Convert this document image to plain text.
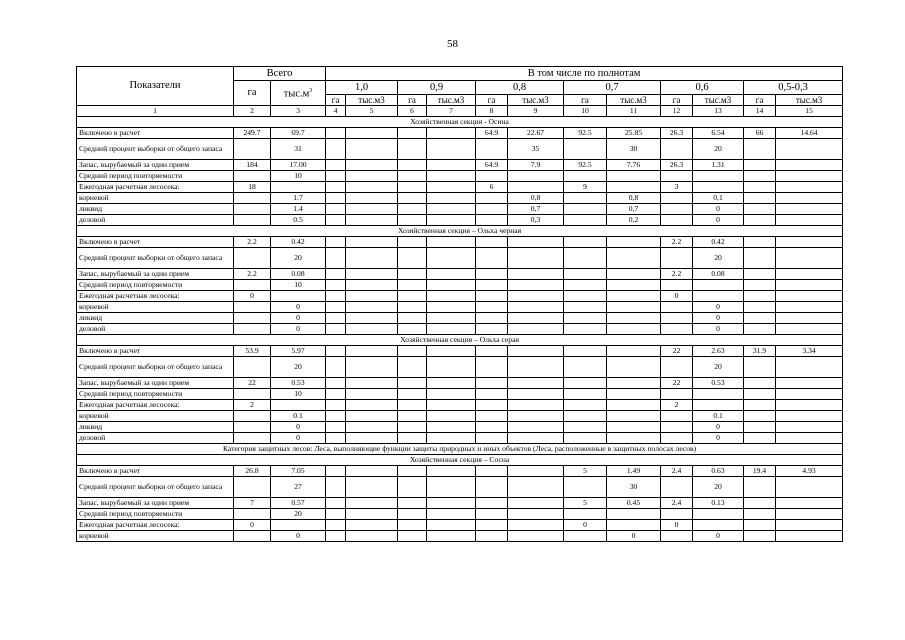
58
Показатели	Всего		В том числе по полнотам											
	га	$тыс.м^3$	1,0		0,9		0,8		0,7		0,6		0,5-0,3	
			га	тыс.м3	га	тыс.м3	га	тыс.м3	га	тыс.м3	га	тыс.м3	га	тыс.м3
1	2	3	4	5	6	7	8	9	10	11	12	13	14	15
Хозяйственная секция - Осина														
Включено в расчет	249.7	69.7					64.9	22.67	92.5	25.85	26.3	6.54	66	14.64
Средний процент выборки от общего запаса		31						35		30		20		
Запас, вырубаемый за один прием	184	17.00					64.9	7.9	92.5	7.76	26.3	1.31		
Средний период повторяемости		10												
Ежегодная расчетная лесосека:	18						6		9		3			
корневой		1.7						0,8		0,8		0,1		
ликвид		1.4						0,7		0,7		0		
деловой		0.5						0,3		0,2		0		
Хозяйственная секция – Ольха черная														
Включено в расчет	2.2	0.42									2.2	0.42		
Средний процент выборки от общего запаса		20										20		
Запас, вырубаемый за один прием	2.2	0.08									2.2	0.08		
Средний период повторяемости		10												
Ежегодная расчетная лесосека:	0										0			
корневой		0										0		
ликвид		0										0		
деловой		0										0		
Хозяйственная секция – Ольха серая														
Включено в расчет	53.9	5.97									22	2.63	31.9	3.34
Средний процент выборки от общего запаса		20										20		
Запас, вырубаемый за один прием	22	0.53									22	0.53		
Средний период повторяемости		10												
Ежегодная расчетная лесосека:	2										2			
корневой		0.1										0.1		
ликвид		0										0		
деловой		0										0		
Категория защитных лесов: Леса, выполняющие функции защиты природных и иных объектов (Леса, расположенные в защитных полосах лесов)														
Хозяйственная секция – Сосна														
Включено в расчет	26.8	7.05							5	1.49	2.4	0.63	19.4	4.93
Средний процент выборки от общего запаса		27								30		20		
Запас, вырубаемый за один прием	7	0.57							5	0.45	2.4	0.13		
Средний период повторяемости		20												
Ежегодная расчетная лесосека:	0								0		0			
корневой		0								0		0		
